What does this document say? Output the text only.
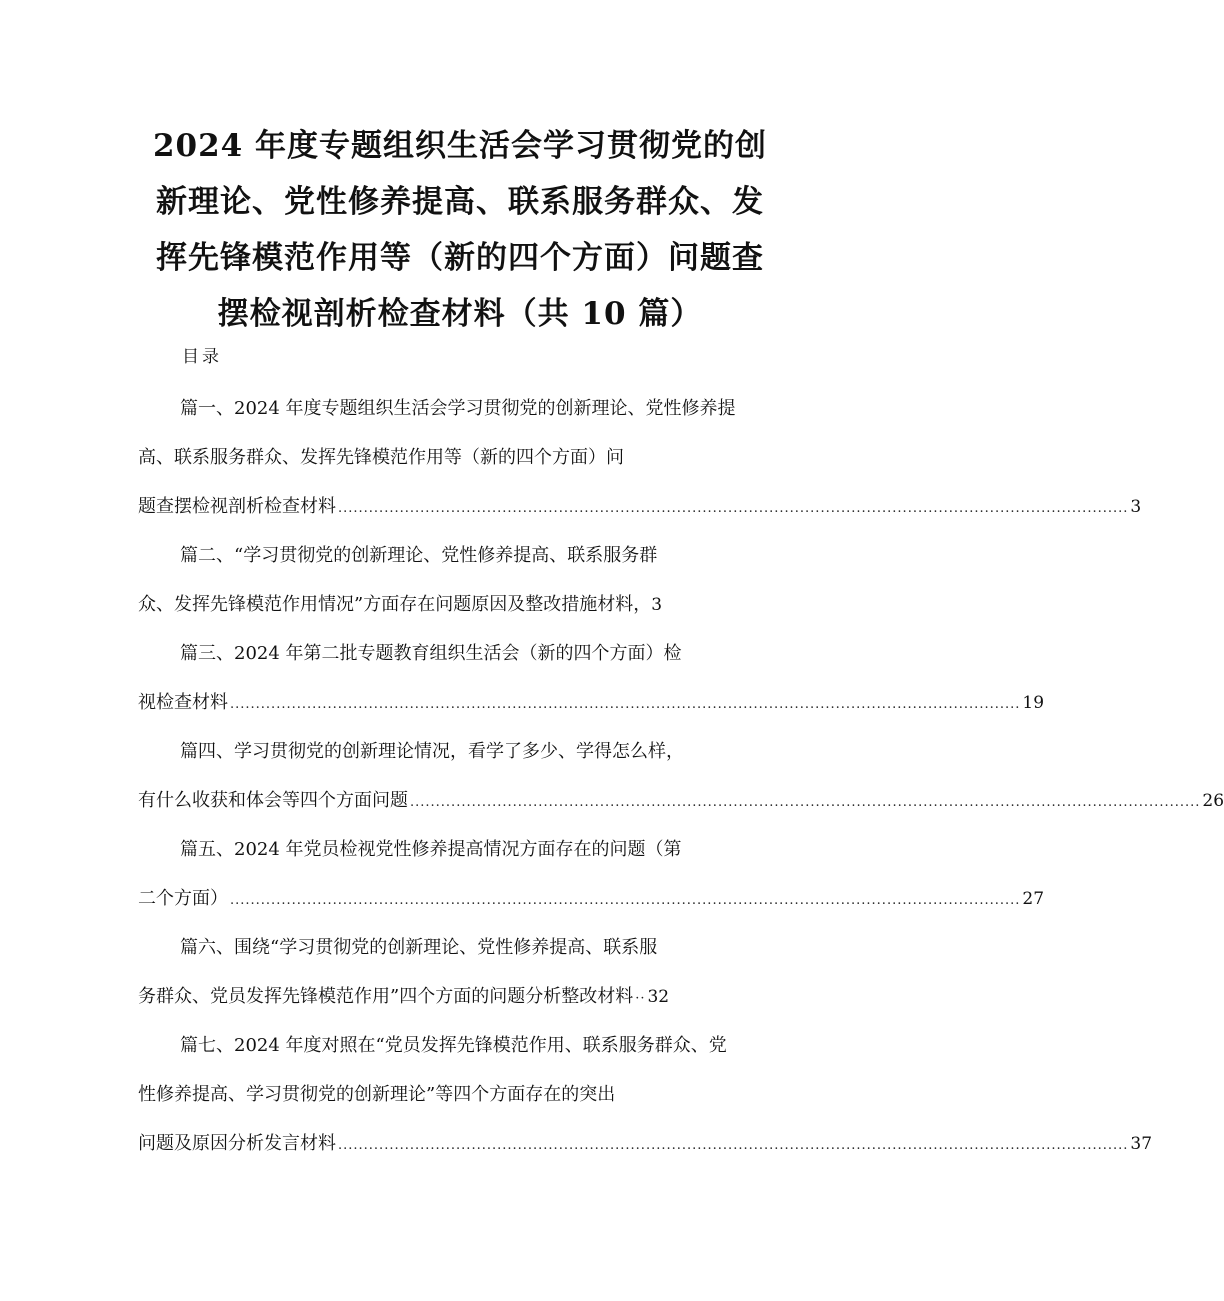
2024 年度专题组织生活会学习贯彻党的创
新理论、党性修养提高、联系服务群众、发
挥先锋模范作用等（新的四个方面）问题查
摆检视剖析检查材料（共 10 篇）
目录
篇一、2024 年度专题组织生活会学习贯彻党的创新理论、党性修养提
高、联系服务群众、发挥先锋模范作用等（新的四个方面）问
题查摆检视剖析检查材料 .......................................................................................................................................................... 3
篇二、“学习贯彻党的创新理论、党性修养提高、联系服务群
众、发挥先锋模范作用情况”方面存在问题原因及整改措施材料， 3
篇三、2024 年第二批专题教育组织生活会（新的四个方面）检
视检查材料 .......................................................................................................................................................... 19
篇四、学习贯彻党的创新理论情况，看学了多少、学得怎么样，
有什么收获和体会等四个方面问题 .......................................................................................................................................................... 26
篇五、2024 年党员检视党性修养提高情况方面存在的问题（第
二个方面） .......................................................................................................................................................... 27
篇六、围绕“学习贯彻党的创新理论、党性修养提高、联系服
务群众、党员发挥先锋模范作用”四个方面的问题分析整改材料 ·· 32
篇七、2024 年度对照在“党员发挥先锋模范作用、联系服务群众、党
性修养提高、学习贯彻党的创新理论”等四个方面存在的突出
问题及原因分析发言材料 .......................................................................................................................................................... 37
